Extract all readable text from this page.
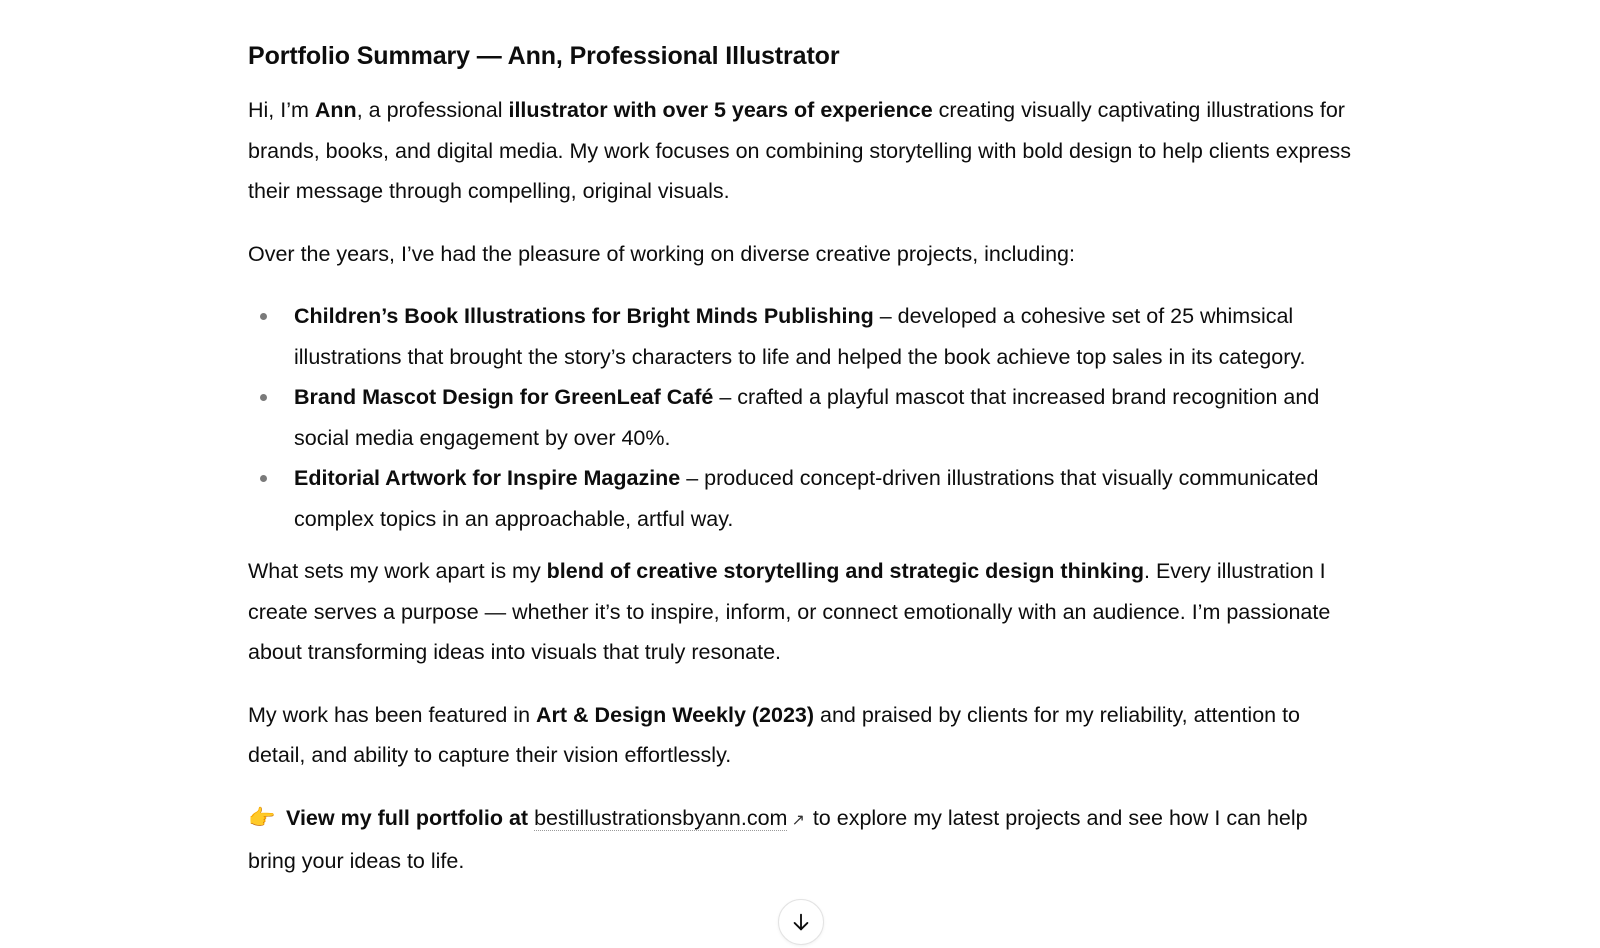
Portfolio Summary — Ann, Professional Illustrator

Hi, I’m Ann, a professional illustrator with over 5 years of experience creating visually captivating illustrations for brands, books, and digital media. My work focuses on combining storytelling with bold design to help clients express their message through compelling, original visuals.

Over the years, I’ve had the pleasure of working on diverse creative projects, including:

Children’s Book Illustrations for Bright Minds Publishing – developed a cohesive set of 25 whimsical illustrations that brought the story’s characters to life and helped the book achieve top sales in its category.
Brand Mascot Design for GreenLeaf Café – crafted a playful mascot that increased brand recognition and social media engagement by over 40%.
Editorial Artwork for Inspire Magazine – produced concept-driven illustrations that visually communicated complex topics in an approachable, artful way.

What sets my work apart is my blend of creative storytelling and strategic design thinking. Every illustration I create serves a purpose — whether it’s to inspire, inform, or connect emotionally with an audience. I’m passionate about transforming ideas into visuals that truly resonate.

My work has been featured in Art & Design Weekly (2023) and praised by clients for my reliability, attention to detail, and ability to capture their vision effortlessly.

👉 View my full portfolio at bestillustrationsbyann.com ↗ to explore my latest projects and see how I can help bring your ideas to life.
